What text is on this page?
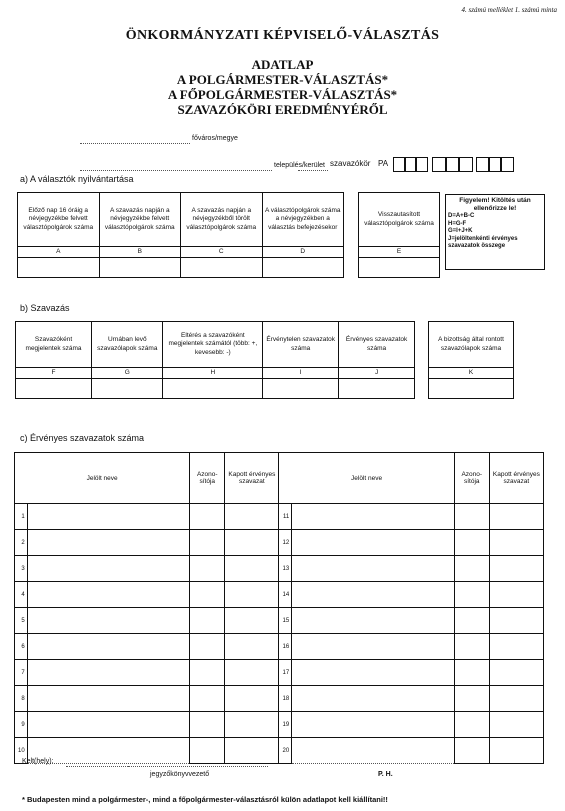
4. számú melléklet 1. számú minta
ÖNKORMÁNYZATI KÉPVISELŐ-VÁLASZTÁS
ADATLAP
A POLGÁRMESTER-VÁLASZTÁS*
A FŐPOLGÁRMESTER-VÁLASZTÁS*
SZAVAZÓKÖRI EREDMÉNYÉRŐL
főváros/megye
település/kerület szavazókör PA
a) A választók nyilvántartása
Előző nap 16 óráig a névjegyzékbe felvett választópolgárok száma	A szavazás napján a névjegyzékbe felvett választópolgárok száma	A szavazás napján a névjegyzékből törölt választópolgárok száma	A választópolgárok száma a névjegyzékben a választás befejezésekor
A	B	C	D

Visszautasított választópolgárok száma
E

Figyelem! Kitöltés után ellenőrizze le!
D=A+B-C
H=G-F
G=I+J+K
J=jelöltenkénti érvényes szavazatok összege
b) Szavazás
Szavazóként megjelentek száma	Urnában levő szavazólapok száma	Eltérés a szavazóként megjelentek számától (több: +, kevesebb: -)	Érvénytelen szavazatok száma	Érvényes szavazatok száma
F	G	H	I	J

A bizottság által rontott szavazólapok száma
K

c) Érvényes szavazatok száma
Jelölt neve		Azono- sítója	Kapott érvényes szavazat	Jelölt neve		Azono- sítója	Kapott érvényes szavazat
1				11			
2				12			
3				13			
4				14			
5				15			
6				16			
7				17			
8				18			
9				19			
10				20			
Kelt(hely):
jegyzőkönyvvezető	P. H.
* Budapesten mind a polgármester-, mind a főpolgármester-választásról külön adatlapot kell kiállítani!!
